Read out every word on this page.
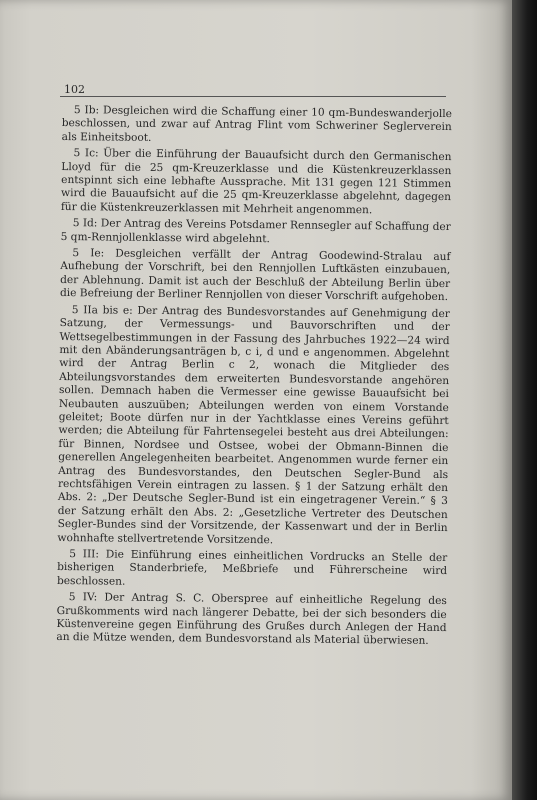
102

5 Ib: Desgleichen wird die Schaffung einer 10 qm-Bundeswanderjolle beschlossen, und zwar auf Antrag Flint vom Schweriner Seglerverein als Einheitsboot.

5 Ic: Über die Einführung der Bauaufsicht durch den Germanischen Lloyd für die 25 qm-Kreuzerklasse und die Küstenkreuzerklassen entspinnt sich eine lebhafte Aussprache. Mit 131 gegen 121 Stimmen wird die Bauaufsicht auf die 25 qm-Kreuzerklasse abgelehnt, dagegen für die Küstenkreuzerklassen mit Mehrheit angenommen.

5 Id: Der Antrag des Vereins Potsdamer Rennsegler auf Schaffung der 5 qm-Rennjollenklasse wird abgelehnt.

5 Ie: Desgleichen verfällt der Antrag Goodewind-Stralau auf Aufhebung der Vorschrift, bei den Rennjollen Luftkästen einzubauen, der Ablehnung. Damit ist auch der Beschluß der Abteilung Berlin über die Befreiung der Berliner Rennjollen von dieser Vorschrift aufgehoben.

5 IIa bis e: Der Antrag des Bundesvorstandes auf Genehmigung der Satzung, der Vermessungs- und Bauvorschriften und der Wettsegelbestimmungen in der Fassung des Jahrbuches 1922—24 wird mit den Abänderungsanträgen b, c i, d und e angenommen. Abgelehnt wird der Antrag Berlin c 2, wonach die Mitglieder des Abteilungsvorstandes dem erweiterten Bundesvorstande angehören sollen. Demnach haben die Vermesser eine gewisse Bauaufsicht bei Neubauten auszuüben; Abteilungen werden von einem Vorstande geleitet; Boote dürfen nur in der Yachtklasse eines Vereins geführt werden; die Abteilung für Fahrtensegelei besteht aus drei Abteilungen: für Binnen, Nordsee und Ostsee, wobei der Obmann-Binnen die generellen Angelegenheiten bearbeitet. Angenommen wurde ferner ein Antrag des Bundesvorstandes, den Deutschen Segler-Bund als rechtsfähigen Verein eintragen zu lassen. § 1 der Satzung erhält den Abs. 2: „Der Deutsche Segler-Bund ist ein eingetragener Verein.“ § 3 der Satzung erhält den Abs. 2: „Gesetzliche Vertreter des Deutschen Segler-Bundes sind der Vorsitzende, der Kassenwart und der in Berlin wohnhafte stellvertretende Vorsitzende.

5 III: Die Einführung eines einheitlichen Vordrucks an Stelle der bisherigen Standerbriefe, Meßbriefe und Führerscheine wird beschlossen.

5 IV: Der Antrag S. C. Oberspree auf einheitliche Regelung des Grußkomments wird nach längerer Debatte, bei der sich besonders die Küstenvereine gegen Einführung des Grußes durch Anlegen der Hand an die Mütze wenden, dem Bundesvorstand als Material überwiesen.
